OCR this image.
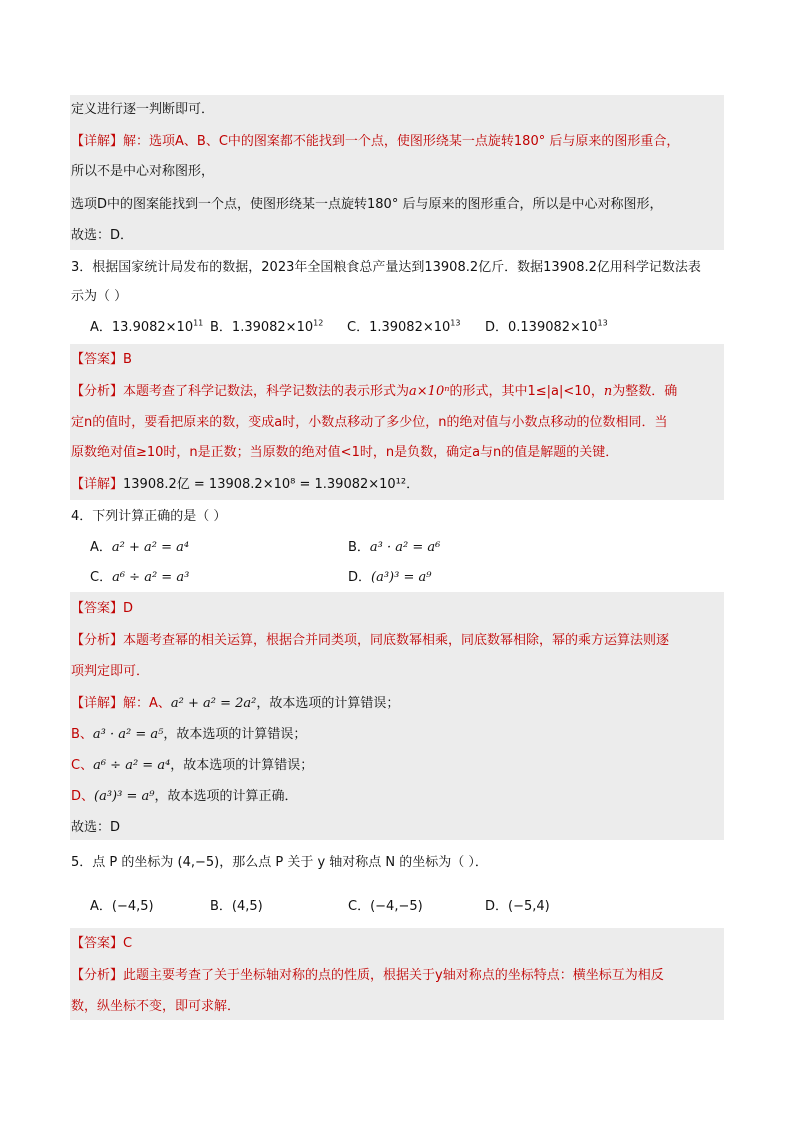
定义进行逐一判断即可．
【详解】解：选项A、B、C中的图案都不能找到一个点，使图形绕某一点旋转180° 后与原来的图形重合，
所以不是中心对称图形，
选项D中的图案能找到一个点，使图形绕某一点旋转180° 后与原来的图形重合，所以是中心对称图形，
故选：D．
3．根据国家统计局发布的数据，2023年全国粮食总产量达到13908.2亿斤．数据13908.2亿用科学记数法表
示为（ ）
A．$13.9082\times 10^{11}$ B．$1.39082\times 10^{12}$ C．$1.39082\times 10^{13}$ D．$0.139082\times 10^{13}$
【答案】B
【分析】本题考查了科学记数法，科学记数法的表示形式为a×10ⁿ的形式，其中1≤|a|<10，n为整数．确
定n的值时，要看把原来的数，变成a时，小数点移动了多少位，n的绝对值与小数点移动的位数相同．当
原数绝对值≥10时，n是正数；当原数的绝对值<1时，n是负数，确定a与n的值是解题的关键．
【详解】13908.2亿 = 13908.2×10⁸ = 1.39082×10¹²．
4．下列计算正确的是（ ）
A．a² + a² = a⁴	B．a³ · a² = a⁶
C．a⁶ ÷ a² = a³	D．(a³)³ = a⁹
【答案】D
【分析】本题考查幂的相关运算，根据合并同类项，同底数幂相乘，同底数幂相除，幂的乘方运算法则逐
项判定即可．
【详解】解：A、a² + a² = 2a²，故本选项的计算错误；
B、a³ · a² = a⁵，故本选项的计算错误；
C、a⁶ ÷ a² = a⁴，故本选项的计算错误；
D、(a³)³ = a⁹，故本选项的计算正确．
故选：D
5．点 P 的坐标为 (4,−5)，那么点 P 关于 y 轴对称点 N 的坐标为（ ）．
A．(−4,5)	B．(4,5)	C．(−4,−5)	D．(−5,4)
【答案】C
【分析】此题主要考查了关于坐标轴对称的点的性质，根据关于y轴对称点的坐标特点：横坐标互为相反
数，纵坐标不变，即可求解．
